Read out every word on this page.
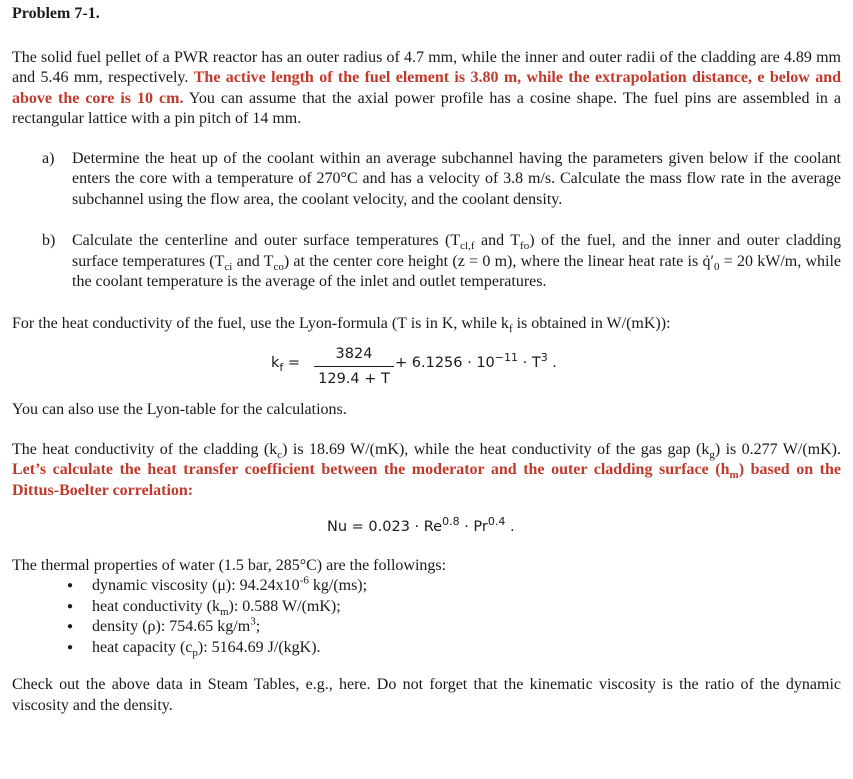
Problem 7-1.

The solid fuel pellet of a PWR reactor has an outer radius of 4.7 mm, while the inner and outer radii of the cladding are 4.89 mm and 5.46 mm, respectively. The active length of the fuel element is 3.80 m, while the extrapolation distance, e below and above the core is 10 cm. You can assume that the axial power profile has a cosine shape. The fuel pins are assembled in a rectangular lattice with a pin pitch of 14 mm.

a) Determine the heat up of the coolant within an average subchannel having the parameters given below if the coolant enters the core with a temperature of 270°C and has a velocity of 3.8 m/s. Calculate the mass flow rate in the average subchannel using the flow area, the coolant velocity, and the coolant density.
b) Calculate the centerline and outer surface temperatures ($T_{cl,f}$ and $T_{fo}$) of the fuel, and the inner and outer cladding surface temperatures ($T_{ci}$ and $T_{co}$) at the center core height (z = 0 m), where the linear heat rate is $q̇'_0 = 20$ kW/m, while the coolant temperature is the average of the inlet and outlet temperatures.

For the heat conductivity of the fuel, use the Lyon-formula (T is in K, while $k_f$ is obtained in W/(mK)):

$k_f$ =
3824
129.4 + T
+ $6.1256 \cdot 10^{-11} \cdot T^3$ .

You can also use the Lyon-table for the calculations.

The heat conductivity of the cladding $(k_c)$ is 18.69 W/(mK), while the heat conductivity of the gas gap $(k_g)$ is 0.277 W/(mK). Let’s calculate the heat transfer coefficient between the moderator and the outer cladding surface $(h_m)$ based on the Dittus-Boelter correlation:

$Nu = 0.023 \cdot Re^{0.8} \cdot Pr^{0.4}$ .

The thermal properties of water (1.5 bar, 285°C) are the followings:

● dynamic viscosity (μ): $94.24x10^{-6}$ kg/(ms);
● heat conductivity $(k_m)$: 0.588 W/(mK);
● density (ρ): 754.65 $kg/m^3$;
● heat capacity $(c_p)$: 5164.69 J/(kgK).

Check out the above data in Steam Tables, e.g., here. Do not forget that the kinematic viscosity is the ratio of the dynamic viscosity and the density.
